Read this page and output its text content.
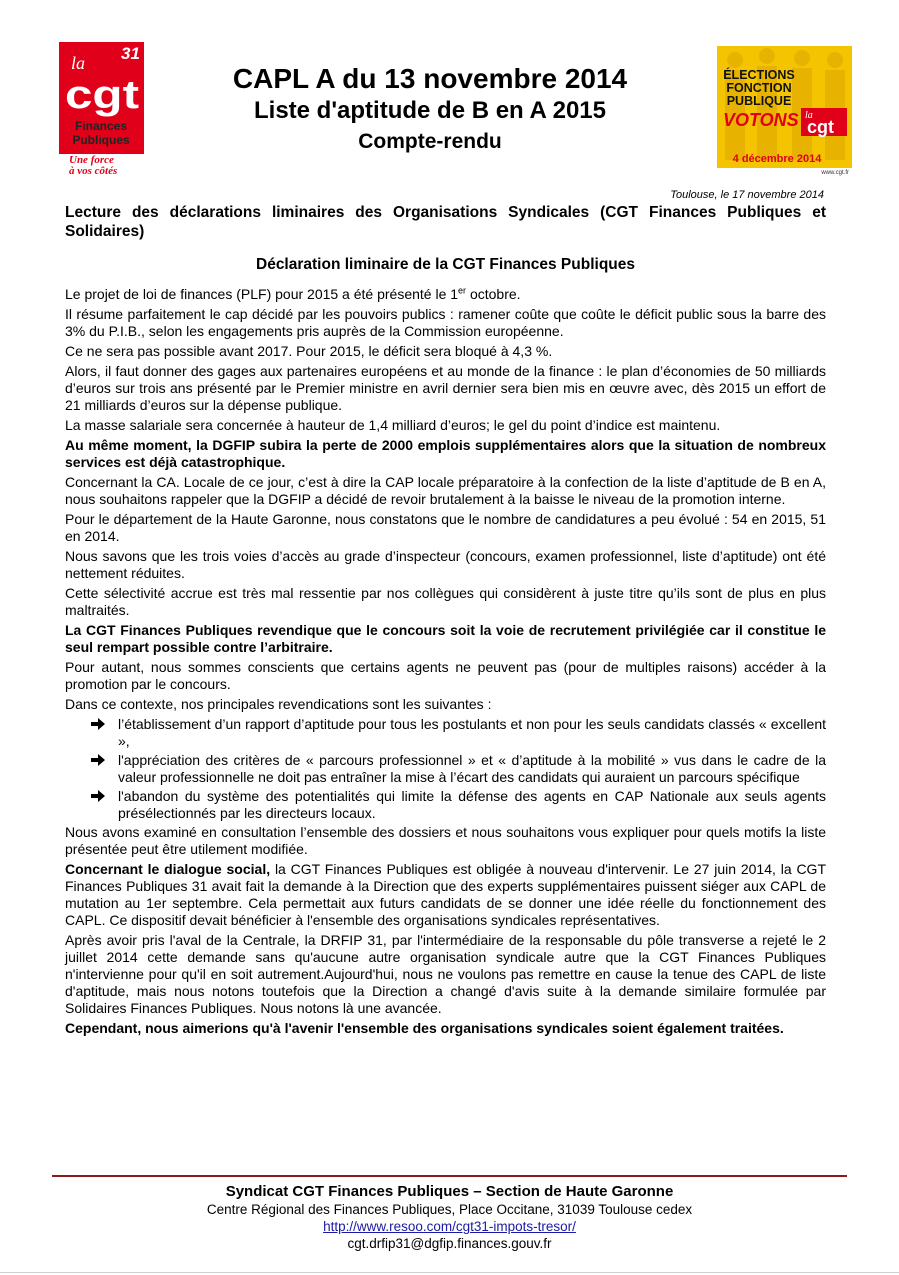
31
la
cgt
Finances
Publiques
Une force
à vos côtés
CAPL A du 13 novembre 2014
Liste d'aptitude de B en A 2015
Compte-rendu
ÉLECTIONS
FONCTION
PUBLIQUE
VOTONS la
cgt
4 décembre 2014
www.cgt.fr
Toulouse, le 17 novembre 2014
Lecture des déclarations liminaires des Organisations Syndicales (CGT Finances Publiques et Solidaires)
Déclaration liminaire de la CGT Finances Publiques

Le projet de loi de finances (PLF) pour 2015 a été présenté le 1er octobre.

Il résume parfaitement le cap décidé par les pouvoirs publics : ramener coûte que coûte le déficit public sous la barre des 3% du P.I.B., selon les engagements pris auprès de la Commission européenne.

Ce ne sera pas possible avant 2017. Pour 2015, le déficit sera bloqué à 4,3 %.

Alors, il faut donner des gages aux partenaires européens et au monde de la finance : le plan d’économies de 50 milliards d’euros sur trois ans présenté par le Premier ministre en avril dernier sera bien mis en œuvre avec, dès 2015 un effort de 21 milliards d’euros sur la dépense publique.

La masse salariale sera concernée à hauteur de 1,4 milliard d’euros; le gel du point d’indice est maintenu.

Au même moment, la DGFIP subira la perte de 2000 emplois supplémentaires alors que la situation de nombreux services est déjà catastrophique.

Concernant la CA. Locale de ce jour, c’est à dire la CAP locale préparatoire à la confection de la liste d’aptitude de B en A, nous souhaitons rappeler que la DGFIP a décidé de revoir brutalement à la baisse le niveau de la promotion interne.

Pour le département de la Haute Garonne, nous constatons que le nombre de candidatures a peu évolué : 54 en 2015, 51 en 2014.

Nous savons que les trois voies d’accès au grade d’inspecteur (concours, examen professionnel, liste d’aptitude) ont été nettement réduites.

Cette sélectivité accrue est très mal ressentie par nos collègues qui considèrent à juste titre qu’ils sont de plus en plus maltraités.

La CGT Finances Publiques revendique que le concours soit la voie de recrutement privilégiée car il constitue le seul rempart possible contre l’arbitraire.

Pour autant, nous sommes conscients que certains agents ne peuvent pas (pour de multiples raisons) accéder à la promotion par le concours.

Dans ce contexte, nos principales revendications sont les suivantes :

l’établissement d’un rapport d’aptitude pour tous les postulants et non pour les seuls candidats classés « excellent »,
l'appréciation des critères de « parcours professionnel » et « d’aptitude à la mobilité » vus dans le cadre de la valeur professionnelle ne doit pas entraîner la mise à l’écart des candidats qui auraient un parcours spécifique
l'abandon du système des potentialités qui limite la défense des agents en CAP Nationale aux seuls agents présélectionnés par les directeurs locaux.

Nous avons examiné en consultation l’ensemble des dossiers et nous souhaitons vous expliquer pour quels motifs la liste présentée peut être utilement modifiée.

Concernant le dialogue social, la CGT Finances Publiques est obligée à nouveau d'intervenir. Le 27 juin 2014, la CGT Finances Publiques 31 avait fait la demande à la Direction que des experts supplémentaires puissent siéger aux CAPL de mutation au 1er septembre. Cela permettait aux futurs candidats de se donner une idée réelle du fonctionnement des CAPL. Ce dispositif devait bénéficier à l'ensemble des organisations syndicales représentatives.

Après avoir pris l'aval de la Centrale, la DRFIP 31, par l'intermédiaire de la responsable du pôle transverse a rejeté le 2 juillet 2014 cette demande sans qu'aucune autre organisation syndicale autre que la CGT Finances Publiques n'intervienne pour qu'il en soit autrement.Aujourd'hui, nous ne voulons pas remettre en cause la tenue des CAPL de liste d'aptitude, mais nous notons toutefois que la Direction a changé d'avis suite à la demande similaire formulée par Solidaires Finances Publiques. Nous notons là une avancée.

Cependant, nous aimerions qu'à l'avenir l'ensemble des organisations syndicales soient également traitées.

Syndicat CGT Finances Publiques – Section de Haute Garonne
Centre Régional des Finances Publiques, Place Occitane, 31039 Toulouse cedex
http://www.resoo.com/cgt31-impots-tresor/
cgt.drfip31@dgfip.finances.gouv.fr
